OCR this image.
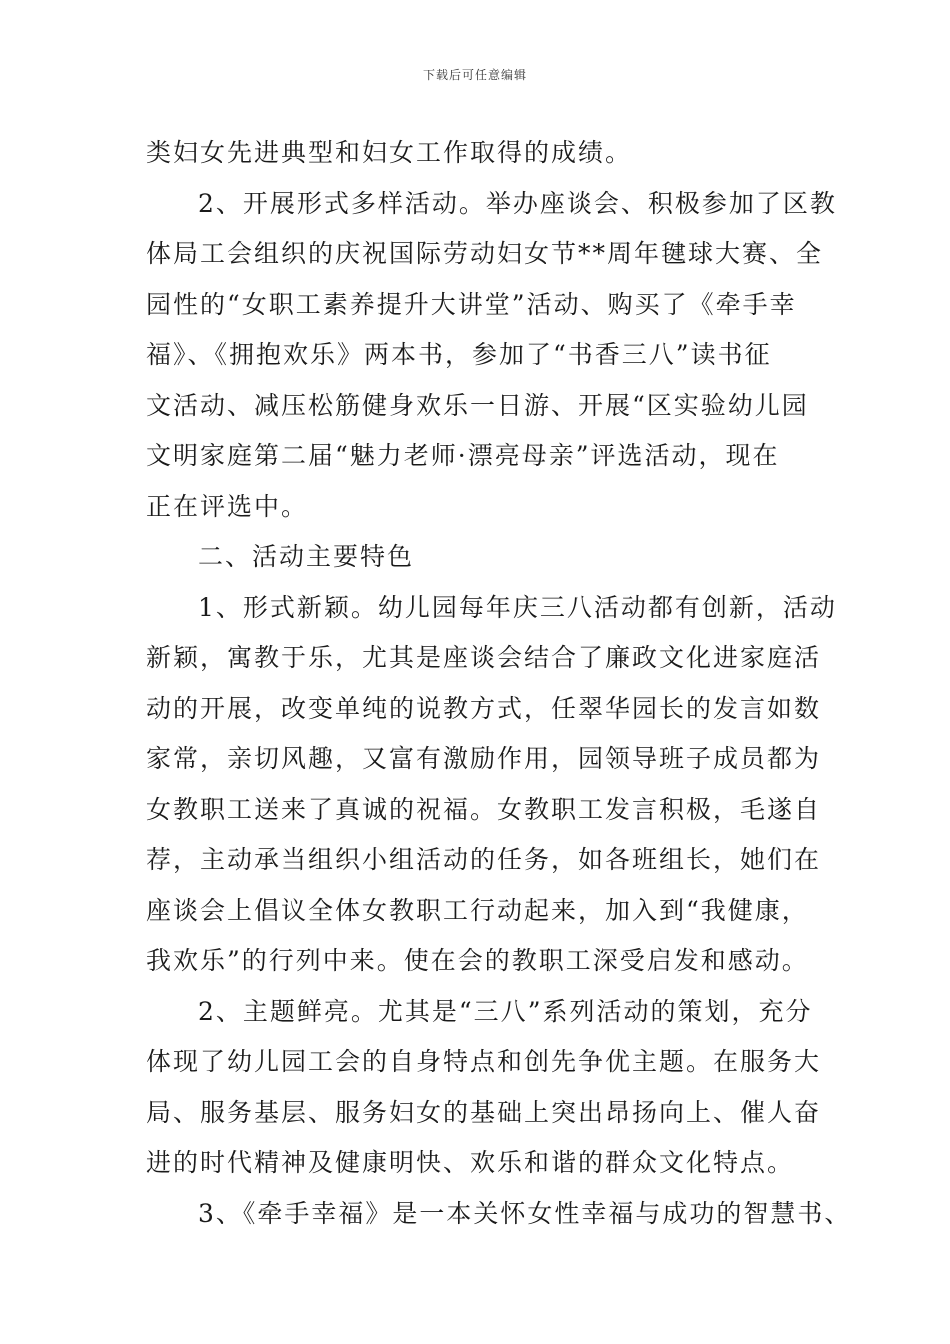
下载后可任意编辑
类妇女先进典型和妇女工作取得的成绩。
2、开展形式多样活动。举办座谈会、积极参加了区教
体局工会组织的庆祝国际劳动妇女节**周年毽球大赛、全
园性的“女职工素养提升大讲堂”活动、购买了《牵手幸
福》、《拥抱欢乐》两本书，参加了“书香三八”读书征
文活动、减压松筋健身欢乐一日游、开展“区实验幼儿园
文明家庭第二届“魅力老师·漂亮母亲”评选活动，现在
正在评选中。
二、活动主要特色
1、形式新颖。幼儿园每年庆三八活动都有创新，活动
新颖，寓教于乐，尤其是座谈会结合了廉政文化进家庭活
动的开展，改变单纯的说教方式，任翠华园长的发言如数
家常，亲切风趣，又富有激励作用，园领导班子成员都为
女教职工送来了真诚的祝福。女教职工发言积极，毛遂自
荐，主动承当组织小组活动的任务，如各班组长，她们在
座谈会上倡议全体女教职工行动起来，加入到“我健康，
我欢乐”的行列中来。使在会的教职工深受启发和感动。
2、主题鲜亮。尤其是“三八”系列活动的策划，充分
体现了幼儿园工会的自身特点和创先争优主题。在服务大
局、服务基层、服务妇女的基础上突出昂扬向上、催人奋
进的时代精神及健康明快、欢乐和谐的群众文化特点。
3、《牵手幸福》是一本关怀女性幸福与成功的智慧书、
